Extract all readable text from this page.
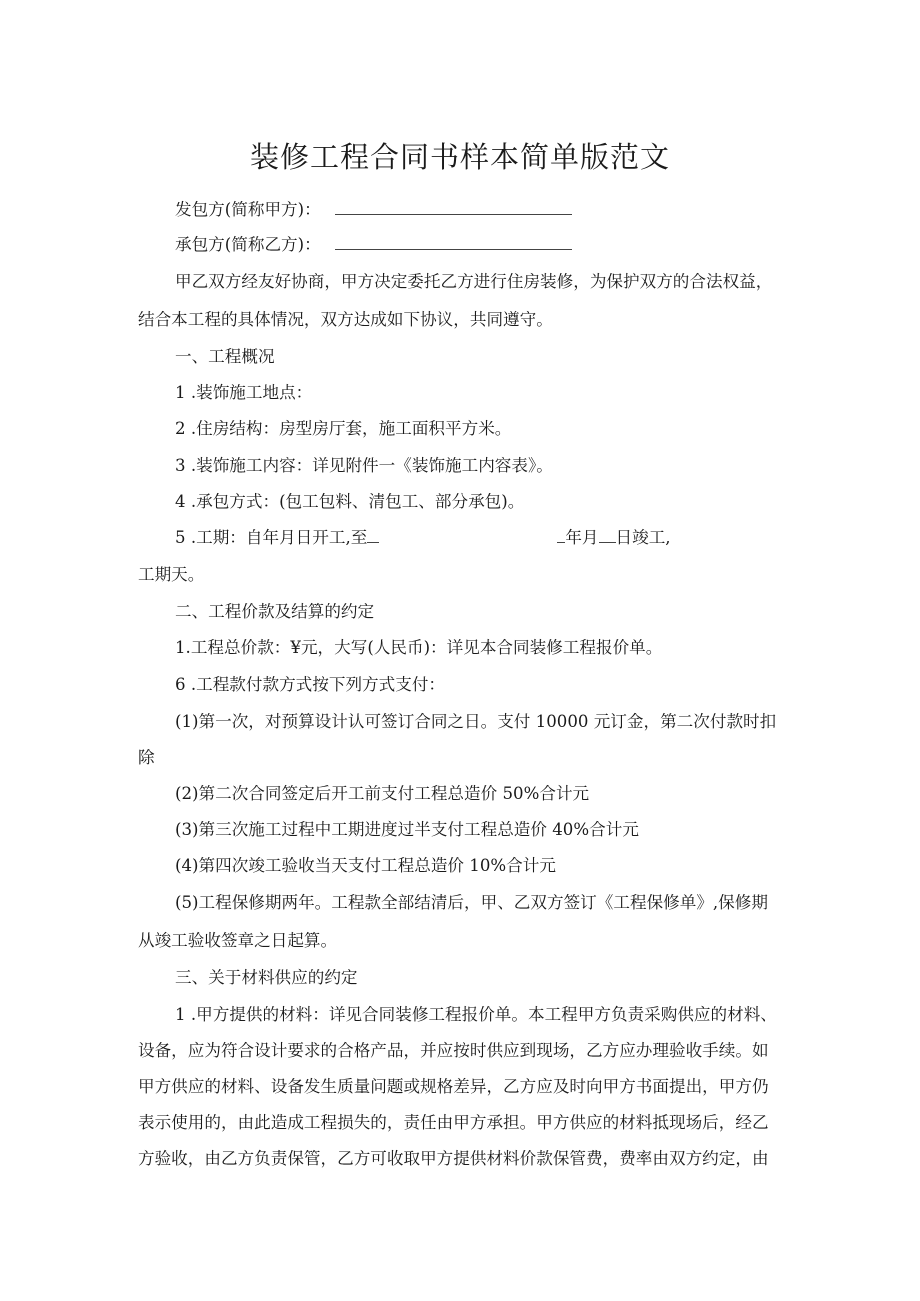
装修工程合同书样本简单版范文
发包方(简称甲方)：
承包方(简称乙方)：
甲乙双方经友好协商，甲方决定委托乙方进行住房装修，为保护双方的合法权益，
结合本工程的具体情况，双方达成如下协议，共同遵守。
一、工程概况
1 .装饰施工地点：
2 .住房结构：房型房厅套，施工面积平方米。
3 .装饰施工内容：详见附件一《装饰施工内容表》。
4 .承包方式：(包工包料、清包工、部分承包)。
5 .工期：自年月日开工,至	年月 日竣工,
工期天。
二、工程价款及结算的约定
1.工程总价款：¥元，大写(人民币)：详见本合同装修工程报价单。
6 .工程款付款方式按下列方式支付：
(1)第一次，对预算设计认可签订合同之日。支付 10000 元订金，第二次付款时扣
除
(2)第二次合同签定后开工前支付工程总造价 50%合计元
(3)第三次施工过程中工期进度过半支付工程总造价 40%合计元
(4)第四次竣工验收当天支付工程总造价 10%合计元
(5)工程保修期两年。工程款全部结清后，甲、乙双方签订《工程保修单》,保修期
从竣工验收签章之日起算。
三、关于材料供应的约定
1 .甲方提供的材料：详见合同装修工程报价单。本工程甲方负责采购供应的材料、
设备，应为符合设计要求的合格产品，并应按时供应到现场，乙方应办理验收手续。如
甲方供应的材料、设备发生质量问题或规格差异，乙方应及时向甲方书面提出，甲方仍
表示使用的，由此造成工程损失的，责任由甲方承担。甲方供应的材料抵现场后，经乙
方验收，由乙方负责保管，乙方可收取甲方提供材料价款保管费，费率由双方约定，由
